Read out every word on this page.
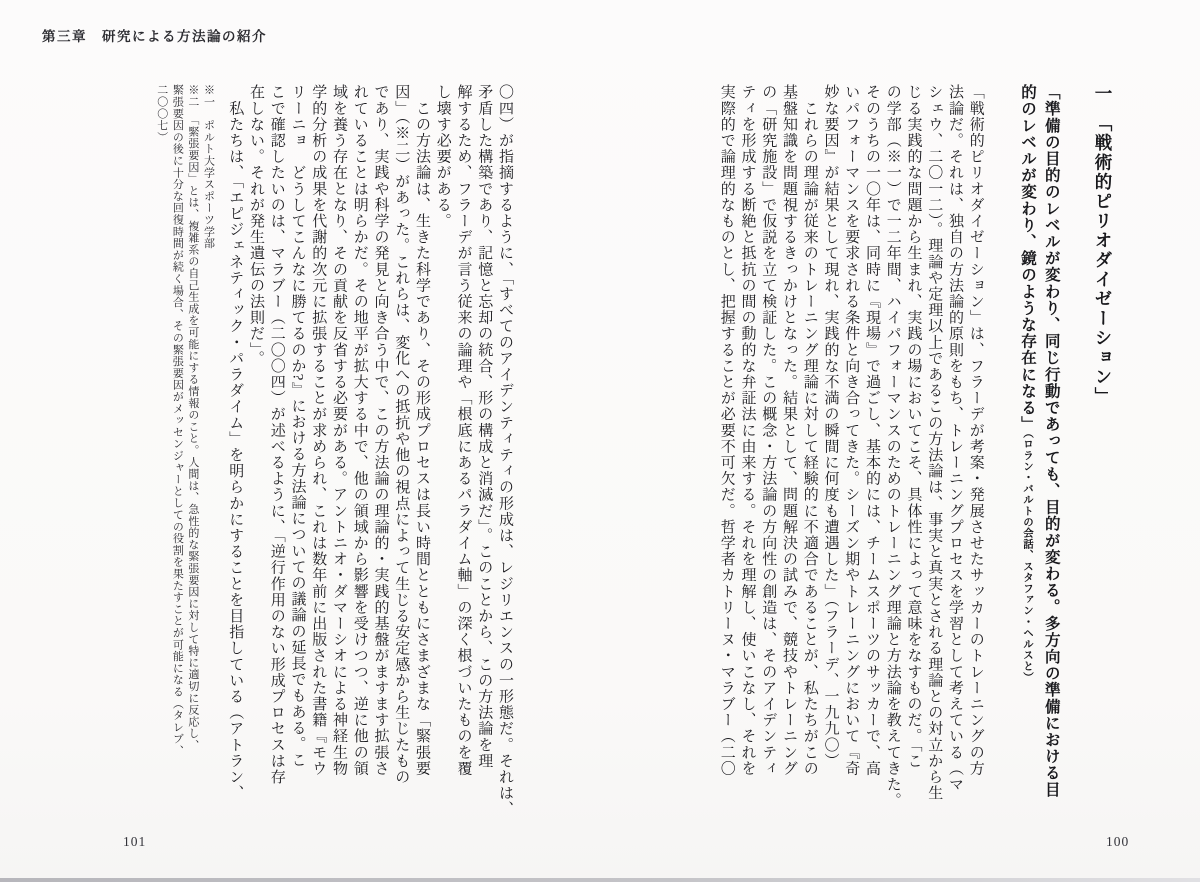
第三章　研究による方法論の紹介
一　「戦術的ピリオダイゼーション」

「準備の目的のレベルが変わり、同じ行動であっても、目的が変わる。多方向の準備における目

的のレベルが変わり、鏡のような存在になる」（ロラン・バルトの会話、スタファン・ヘルスと）

「戦術的ピリオダイゼーション」は、フラーデが考案・発展させたサッカーのトレーニングの方

法論だ。それは、独自の方法論的原則をもち、トレーニングプロセスを学習として考えている（マ

シェウ、二〇一二）。理論や定理以上であるこの方法論は、事実と真実とされる理論との対立から生

じる実践的な問題から生まれ、実践の場においてこそ、具体性によって意味をなすものだ。「こ

の学部（※一）で一二年間、ハイパフォーマンスのためのトレーニング理論と方法論を教えてきた。

そのうちの一〇年は、同時に『現場』で過ごし、基本的には、チームスポーツのサッカーで、高

いパフォーマンスを要求される条件と向き合ってきた。シーズン期やトレーニングにおいて『奇

妙な要因』が結果として現れ、実践的な不満の瞬間に何度も遭遇した」（フラーデ、一九九〇）

　これらの理論が従来のトレーニング理論に対して経験的に不適合であることが、私たちがこの

基盤知識を問題視するきっかけとなった。結果として、問題解決の試みで、競技やトレーニング

の「研究施設」で仮説を立て検証した。この概念・方法論の方向性の創造は、そのアイデンティ

ティを形成する断絶と抵抗の間の動的な弁証法に由来する。それを理解し、使いこなし、それを

実際的で論理的なものとし、把握することが必要不可欠だ。哲学者カトリーヌ・マラブー（二〇

100

〇四）が指摘するように、「すべてのアイデンティティの形成は、レジリエンスの一形態だ。それは、

矛盾した構築であり、記憶と忘却の統合、形の構成と消滅だ」。このことから、この方法論を理

解するため、フラーデが言う従来の論理や「根底にあるパラダイム軸」の深く根づいたものを覆

し壊す必要がある。

　この方法論は、生きた科学であり、その形成プロセスは長い時間とともにさまざまな「緊張要

因」（※二）があった。これらは、変化への抵抗や他の視点によって生じる安定感から生じたもの

であり、実践や科学の発見と向き合う中で、この方法論の理論的・実践的基盤がますます拡張さ

れていることは明らかだ。その地平が拡大する中で、他の領域から影響を受けつつ、逆に他の領

域を養う存在となり、その貢献を反省する必要がある。アントニオ・ダマーシオによる神経生物

学的分析の成果を代謝的次元に拡張することが求められ、これは数年前に出版された書籍『モウ

リーニョ　どうしてこんなに勝てるのか?』における方法論についての議論の延長でもある。こ

こで確認したいのは、マラブー（二〇〇四）が述べるように、「逆行作用のない形成プロセスは存

在しない。それが発生遺伝の法則だ」。

　私たちは、「エピジェネティック・パラダイム」を明らかにすることを目指している（アトラン、

※一　ポルト大学スポーツ学部

※二　「緊張要因」とは、複雑系の自己生成を可能にする情報のこと。人間は、急性的な緊張要因に対して特に適切に反応し、

緊張要因の後に十分な回復時間が続く場合、その緊張要因がメッセンジャーとしての役割を果たすことが可能になる（タレブ、

二〇〇七）

101
